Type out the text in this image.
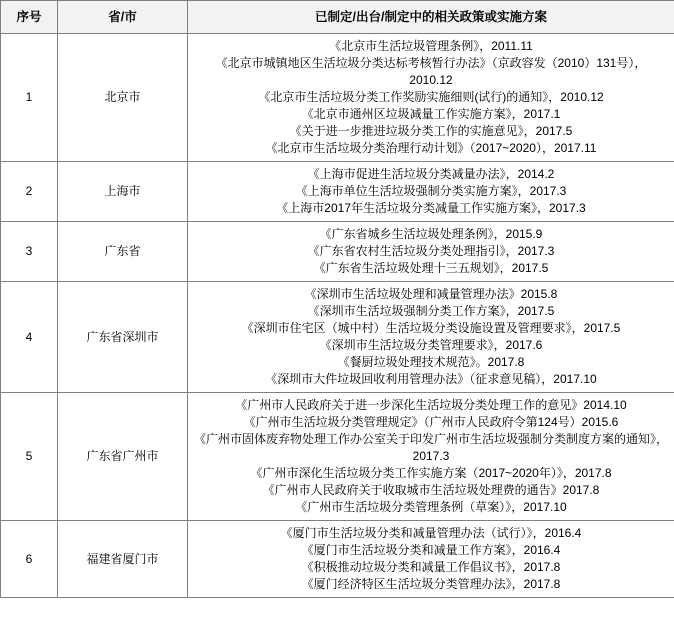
序号	省/市	已制定/出台/制定中的相关政策或实施方案
1	北京市	
《北京市生活垃圾管理条例》，2011.11
《北京市城镇地区生活垃圾分类达标考核暂行办法》（京政容发（2010）131号），2010.12
《北京市生活垃圾分类工作奖励实施细则(试行)的通知》，2010.12
《北京市通州区垃圾减量工作实施方案》，2017.1
《关于进一步推进垃圾分类工作的实施意见》，2017.5
《北京市生活垃圾分类治理行动计划》（2017~2020），2017.11

2	上海市	《上海市促进生活垃圾分类减量办法》，2014.2
《上海市单位生活垃圾强制分类实施方案》，2017.3
《上海市2017年生活垃圾分类减量工作实施方案》，2017.3

3	广东省	《广东省城乡生活垃圾处理条例》，2015.9
《广东省农村生活垃圾分类处理指引》，2017.3
《广东省生活垃圾处理十三五规划》，2017.5

4	广东省深圳市	
《深圳市生活垃圾处理和减量管理办法》2015.8
《深圳市生活垃圾强制分类工作方案》，2017.5
《深圳市住宅区（城中村）生活垃圾分类设施设置及管理要求》，2017.5
《深圳市生活垃圾分类管理要求》，2017.6
《餐厨垃圾处理技术规范》。2017.8
《深圳市大件垃圾回收利用管理办法》（征求意见稿），2017.10

5	广东省广州市	
《广州市人民政府关于进一步深化生活垃圾分类处理工作的意见》2014.10
《广州市生活垃圾分类管理规定》（广州市人民政府令第124号）2015.6
《广州市固体废弃物处理工作办公室关于印发广州市生活垃圾强制分类制度方案的通知》，2017.3
《广州市深化生活垃圾分类工作实施方案（2017~2020年）》，2017.8
《广州市人民政府关于收取城市生活垃圾处理费的通告》2017.8
《广州市生活垃圾分类管理条例（草案）》，2017.10

6	福建省厦门市	《厦门市生活垃圾分类和减量管理办法（试行）》，2016.4
《厦门市生活垃圾分类和减量工作方案》，2016.4
《积极推动垃圾分类和减量工作倡议书》，2017.8
《厦门经济特区生活垃圾分类管理办法》，2017.8
